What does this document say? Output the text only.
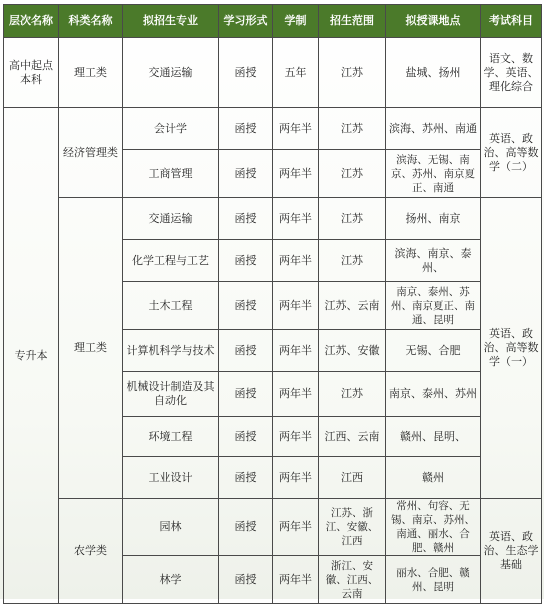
层次名称	科类名称	拟招生专业	学习形式	学制	招生范围	拟授课地点	考试科目
高中起点本科	理工类	交通运输	函授	五年	江苏	盐城、扬州	语文、数学、英语、理化综合
专升本	经济管理类	会计学	函授	两年半	江苏	滨海、苏州、南通	英语、政治、高等数学（二）
		工商管理	函授	两年半	江苏	滨海、无锡、南京、苏州、南京夏正、南通	
	理工类	交通运输	函授	两年半	江苏	扬州、南京	英语、政治、高等数学（一）
		化学工程与工艺	函授	两年半	江苏	滨海、南京、泰州、	
		土木工程	函授	两年半	江苏、云南	南京、泰州、苏州、南京夏正、南通、昆明	
		计算机科学与技术	函授	两年半	江苏、安徽	无锡、合肥	
		机械设计制造及其自动化	函授	两年半	江苏	南京、泰州、苏州	
		环境工程	函授	两年半	江西、云南	赣州、昆明、	
		工业设计	函授	两年半	江西	赣州	
	农学类	园林	函授	两年半	江苏、浙江、安徽、江西	常州、句容、无锡、南京、苏州、南通、丽水、合肥、赣州	英语、政治、生态学基础
		林学	函授	两年半	浙江、安徽、江西、云南	丽水、合肥、赣州、昆明	
